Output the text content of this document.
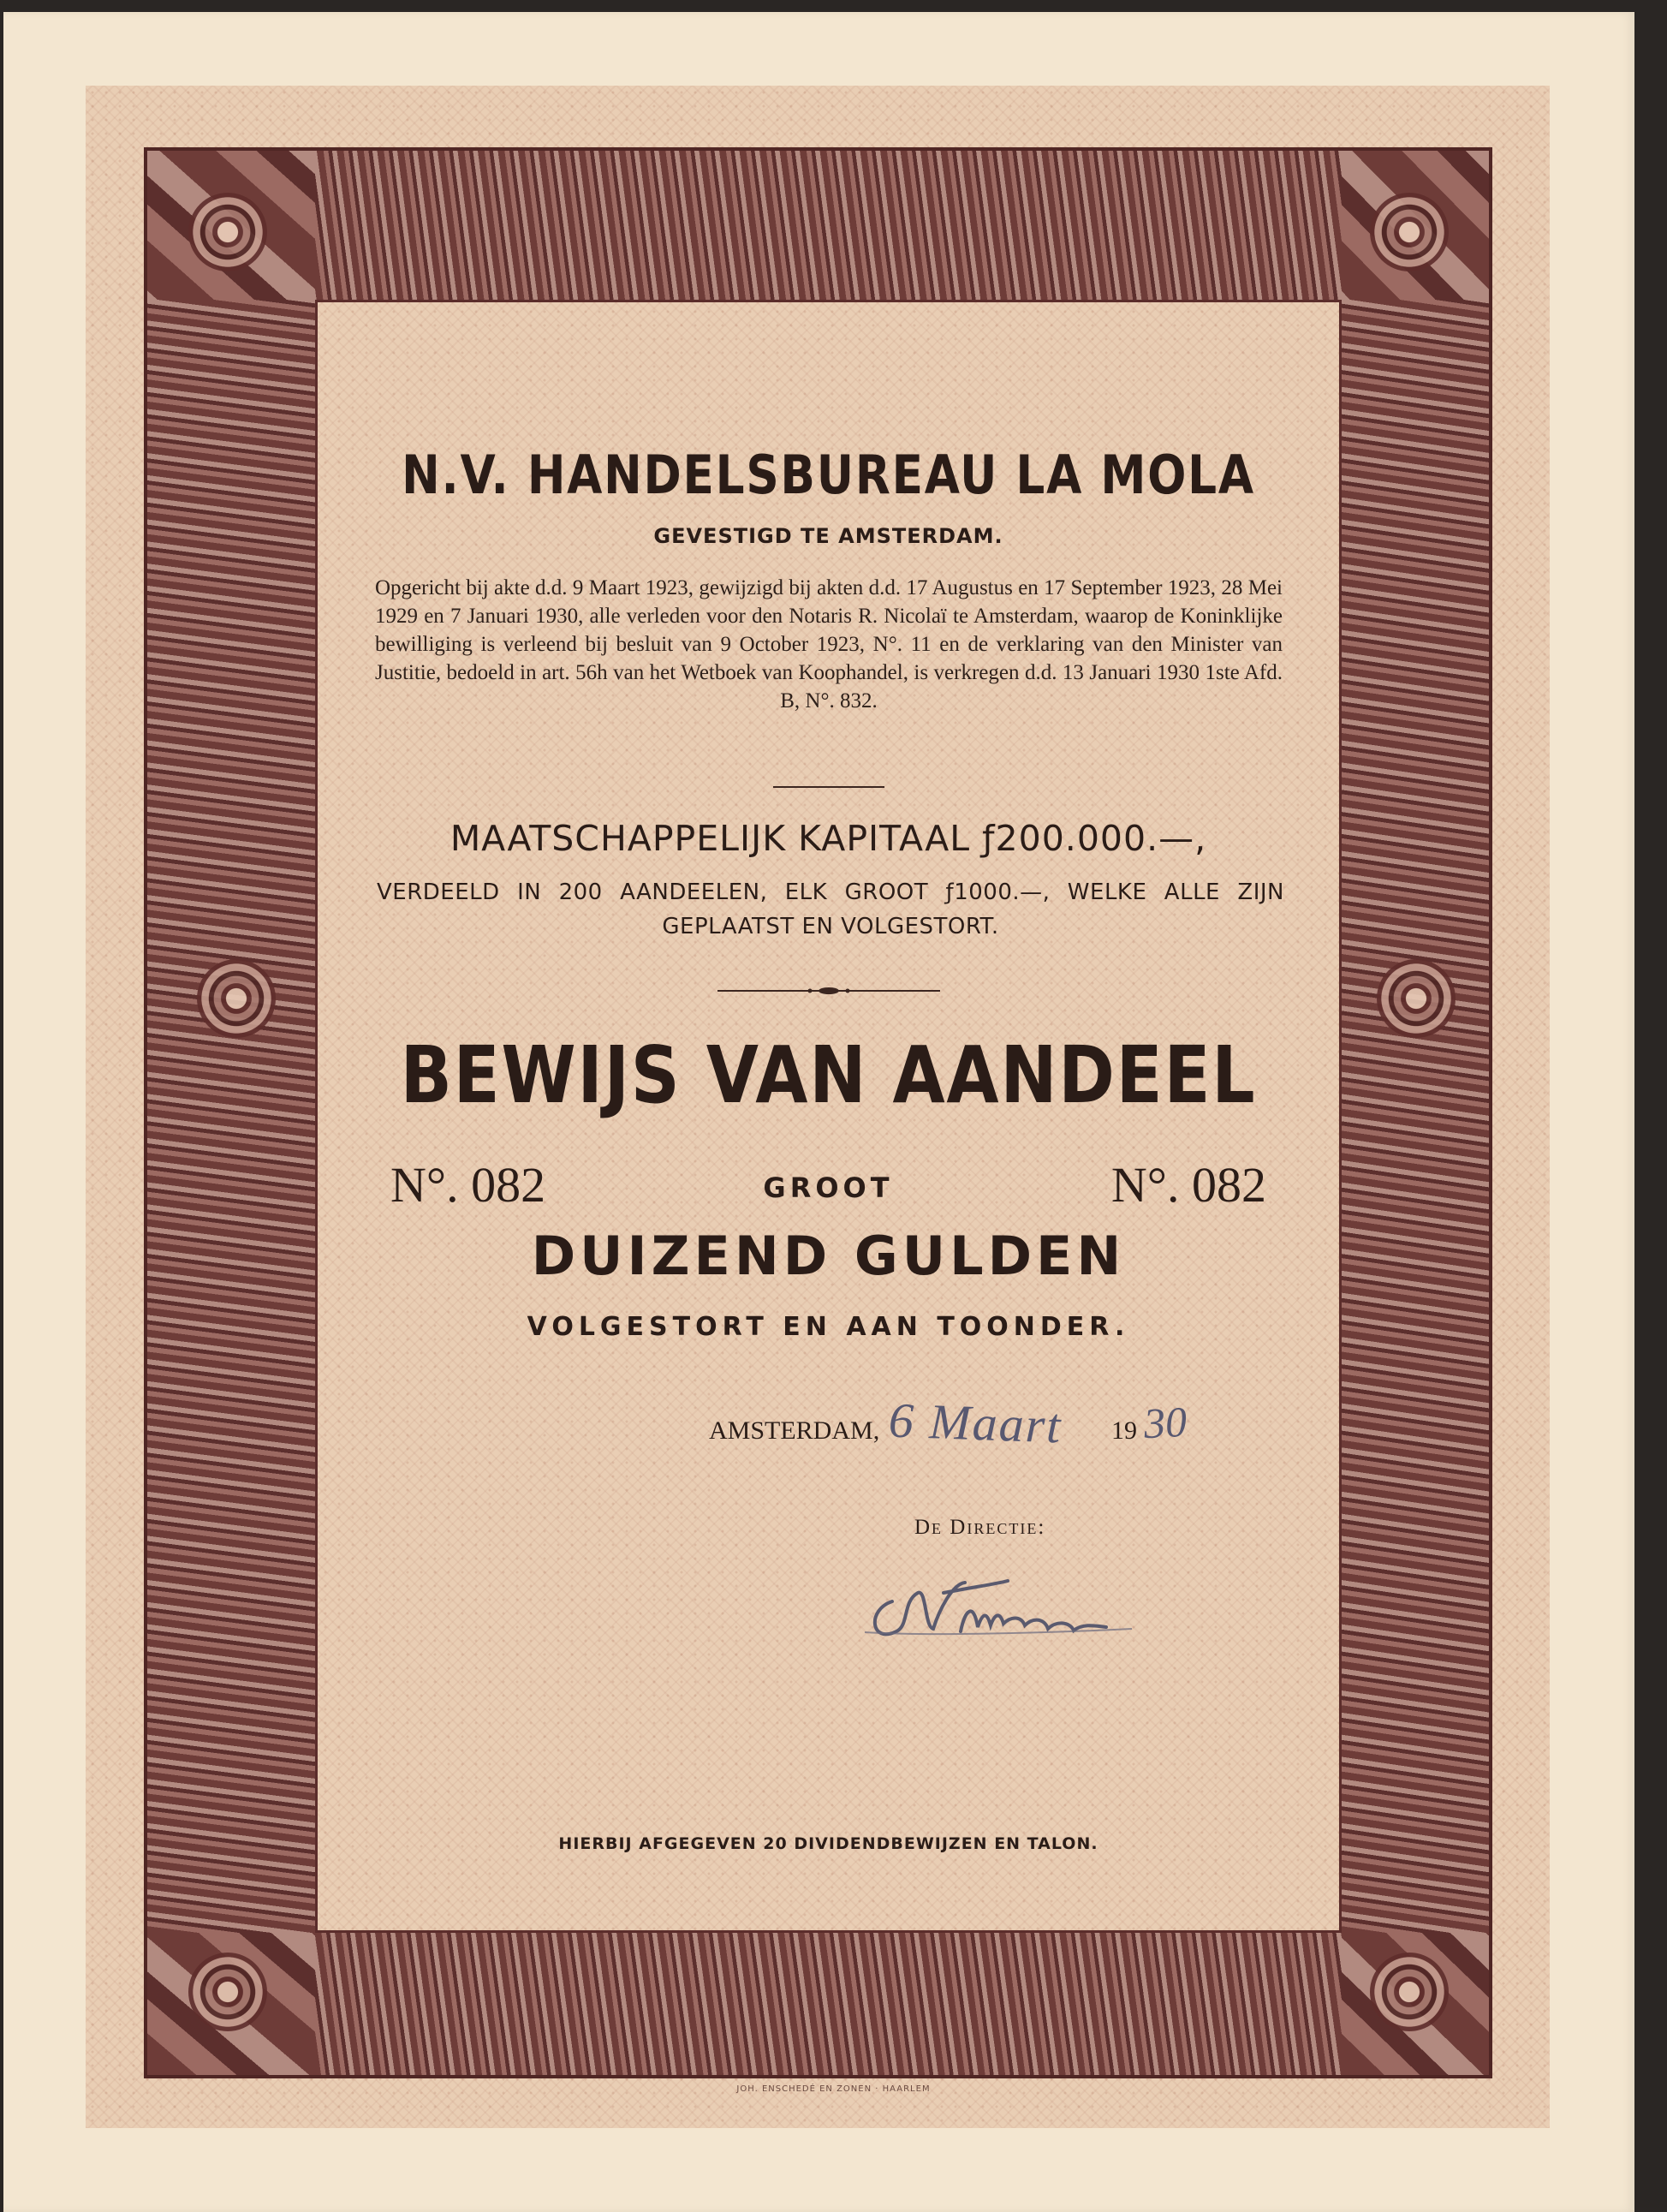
N.V. HANDELSBUREAU LA MOLA
GEVESTIGD TE AMSTERDAM.
Opgericht bij akte d.d. 9 Maart 1923, gewijzigd bij akten d.d. 17 Augustus en 17 September 1923, 28 Mei 1929 en 7 Januari 1930, alle verleden voor den Notaris R. Nicolaï te Amsterdam, waarop de Koninklijke bewilliging is verleend bij besluit van 9 October 1923, N°. 11 en de verklaring van den Minister van Justitie, bedoeld in art. 56h van het Wetboek van Koophandel, is verkregen d.d. 13 Januari 1930 1ste Afd. B, N°. 832.
MAATSCHAPPELIJK KAPITAAL ƒ200.000.—,
VERDEELD IN 200 AANDEELEN, ELK GROOT ƒ1000.—, WELKE ALLE ZIJN GEPLAATST EN VOLGESTORT.
BEWIJS VAN AANDEEL
N°. 082	GROOT	N°. 082
DUIZEND GULDEN
VOLGESTORT EN AAN TOONDER.
AMSTERDAM, 6 Maart 19 30
De Directie:
HIERBIJ AFGEGEVEN 20 DIVIDENDBEWIJZEN EN TALON.
JOH. ENSCHEDÉ EN ZONEN · HAARLEM
